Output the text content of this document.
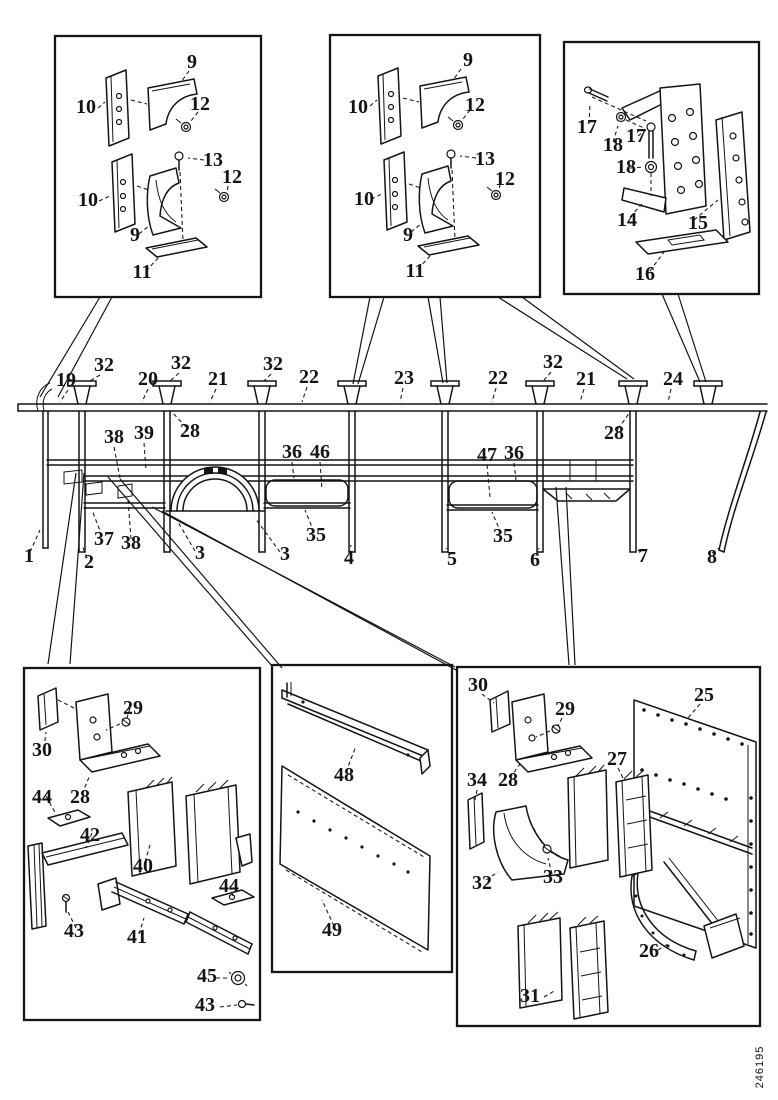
19
32
20
32
21
32
22	23	22
32
21	24
28
38 39
36 46	47 36
28
37 38	3	3
35	35
1	2	4	5	6	7	8
9
10	12
13
12
10
9
11
9
10	12
13
12
10
9
11
17
18 17
18
14	15
16
30
29
28
44
42
40
43 41
44
45
43
48
49
30
29
28
34
27
25
32	33
31
26
246195
